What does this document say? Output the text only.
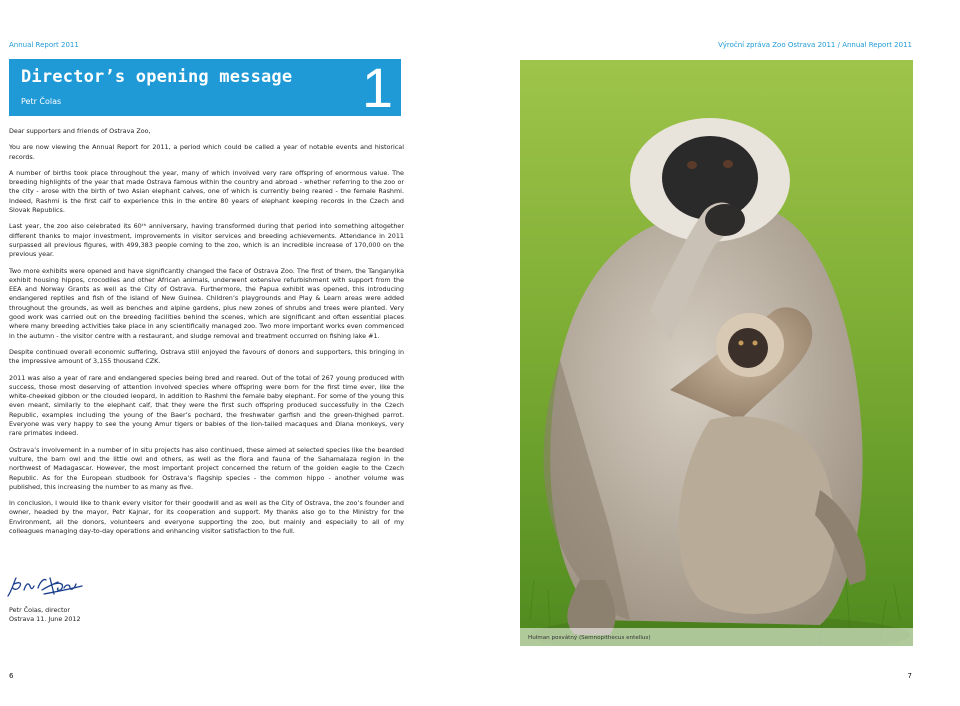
Annual Report 2011	Výroční zpráva Zoo Ostrava 2011 / Annual Report 2011
Director’s opening message
Petr Čolas	1

Dear supporters and friends of Ostrava Zoo,

You are now viewing the Annual Report for 2011, a period which could be called a year of notable events and historical records.

A number of births took place throughout the year, many of which involved very rare offspring of enormous value. The breeding highlights of the year that made Ostrava famous within the country and abroad - whether referring to the zoo or the city - arose with the birth of two Asian elephant calves, one of which is currently being reared - the female Rashmi. Indeed, Rashmi is the first calf to experience this in the entire 80 years of elephant keeping records in the Czech and Slovak Republics.

Last year, the zoo also celebrated its 60ᵗʰ anniversary, having transformed during that period into something altogether different thanks to major investment, improvements in visitor services and breeding achievements. Attendance in 2011 surpassed all previous figures, with 499,383 people coming to the zoo, which is an incredible increase of 170,000 on the previous year.

Two more exhibits were opened and have significantly changed the face of Ostrava Zoo. The first of them, the Tanganyika exhibit housing hippos, crocodiles and other African animals, underwent extensive refurbishment with support from the EEA and Norway Grants as well as the City of Ostrava. Furthermore, the Papua exhibit was opened, this introducing endangered reptiles and fish of the island of New Guinea. Children’s playgrounds and Play & Learn areas were added throughout the grounds, as well as benches and alpine gardens, plus new zones of shrubs and trees were planted. Very good work was carried out on the breeding facilities behind the scenes, which are significant and often essential places where many breeding activities take place in any scientifically managed zoo. Two more important works even commenced in the autumn - the visitor centre with a restaurant, and sludge removal and treatment occurred on fishing lake #1.

Despite continued overall economic suffering, Ostrava still enjoyed the favours of donors and supporters, this bringing in the impressive amount of 3,155 thousand CZK.

2011 was also a year of rare and endangered species being bred and reared. Out of the total of 267 young produced with success, those most deserving of attention involved species where offspring were born for the first time ever, like the white-cheeked gibbon or the clouded leopard, in addition to Rashmi the female baby elephant. For some of the young this even meant, similarly to the elephant calf, that they were the first such offspring produced successfully in the Czech Republic, examples including the young of the Baer’s pochard, the freshwater garfish and the green-thighed parrot. Everyone was very happy to see the young Amur tigers or babies of the lion-tailed macaques and Diana monkeys, very rare primates indeed.

Ostrava’s involvement in a number of in situ projects has also continued, these aimed at selected species like the bearded vulture, the barn owl and the little owl and others, as well as the flora and fauna of the Sahamalaza region in the northwest of Madagascar. However, the most important project concerned the return of the golden eagle to the Czech Republic. As for the European studbook for Ostrava’s flagship species - the common hippo - another volume was published, this increasing the number to as many as five.

In conclusion, I would like to thank every visitor for their goodwill and as well as the City of Ostrava, the zoo’s founder and owner, headed by the mayor, Petr Kajnar, for its cooperation and support. My thanks also go to the Ministry for the Environment, all the donors, volunteers and everyone supporting the zoo, but mainly and especially to all of my colleagues managing day-to-day operations and enhancing visitor satisfaction to the full.

Petr Čolas, director
Ostrava 11. June 2012
Hulman posvátný (Semnopithecus entellus)
6	7
